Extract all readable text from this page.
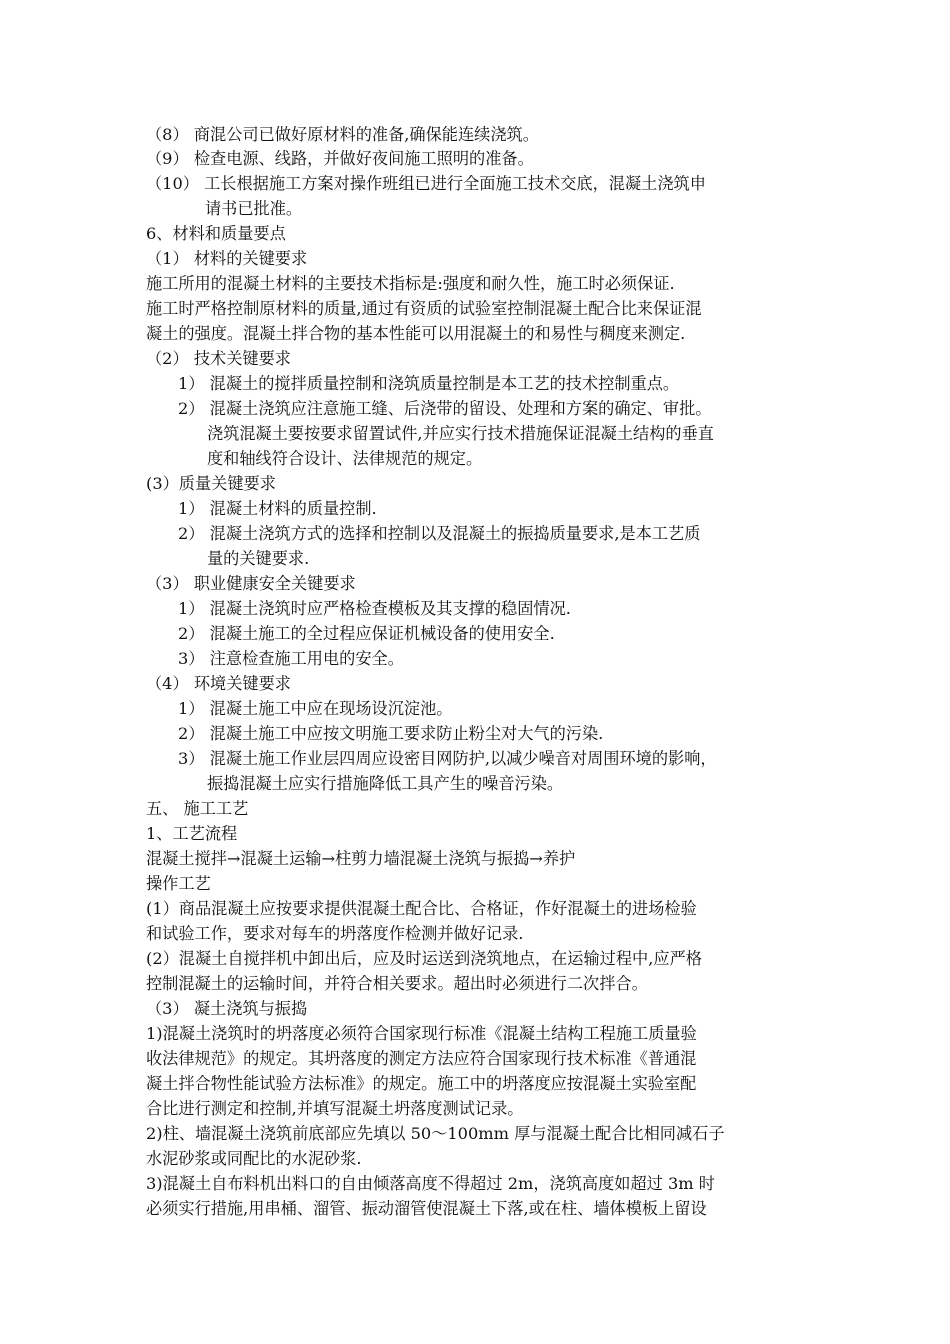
（8） 商混公司已做好原材料的准备,确保能连续浇筑。
（9） 检查电源、线路，并做好夜间施工照明的准备。
（10） 工长根据施工方案对操作班组已进行全面施工技术交底，混凝土浇筑申
请书已批准。
6、材料和质量要点
（1） 材料的关键要求
施工所用的混凝土材料的主要技术指标是:强度和耐久性，施工时必须保证.
施工时严格控制原材料的质量,通过有资质的试验室控制混凝土配合比来保证混
凝土的强度。混凝土拌合物的基本性能可以用混凝土的和易性与稠度来测定.
（2） 技术关键要求
1） 混凝土的搅拌质量控制和浇筑质量控制是本工艺的技术控制重点。
2） 混凝土浇筑应注意施工缝、后浇带的留设、处理和方案的确定、审批。
浇筑混凝土要按要求留置试件,并应实行技术措施保证混凝土结构的垂直
度和轴线符合设计、法律规范的规定。
(3）质量关键要求
1） 混凝土材料的质量控制.
2） 混凝土浇筑方式的选择和控制以及混凝土的振捣质量要求,是本工艺质
量的关键要求.
（3） 职业健康安全关键要求
1） 混凝土浇筑时应严格检查模板及其支撑的稳固情况.
2） 混凝土施工的全过程应保证机械设备的使用安全.
3） 注意检查施工用电的安全。
（4） 环境关键要求
1） 混凝土施工中应在现场设沉淀池。
2） 混凝土施工中应按文明施工要求防止粉尘对大气的污染.
3） 混凝土施工作业层四周应设密目网防护,以减少噪音对周围环境的影响，
振捣混凝土应实行措施降低工具产生的噪音污染。
五、 施工工艺
1、工艺流程
混凝土搅拌→混凝土运输→柱剪力墙混凝土浇筑与振捣→养护
操作工艺
(1）商品混凝土应按要求提供混凝土配合比、合格证，作好混凝土的进场检验
和试验工作，要求对每车的坍落度作检测并做好记录.
(2）混凝土自搅拌机中卸出后，应及时运送到浇筑地点，在运输过程中,应严格
控制混凝土的运输时间，并符合相关要求。超出时必须进行二次拌合。
（3） 凝土浇筑与振捣
1)混凝土浇筑时的坍落度必须符合国家现行标准《混凝土结构工程施工质量验
收法律规范》的规定。其坍落度的测定方法应符合国家现行技术标准《普通混
凝土拌合物性能试验方法标准》的规定。施工中的坍落度应按混凝土实验室配
合比进行测定和控制,并填写混凝土坍落度测试记录。
2)柱、墙混凝土浇筑前底部应先填以 50～100mm 厚与混凝土配合比相同减石子
水泥砂浆或同配比的水泥砂浆.
3)混凝土自布料机出料口的自由倾落高度不得超过 2m，浇筑高度如超过 3m 时
必须实行措施,用串桶、溜管、振动溜管使混凝土下落,或在柱、墙体模板上留设
